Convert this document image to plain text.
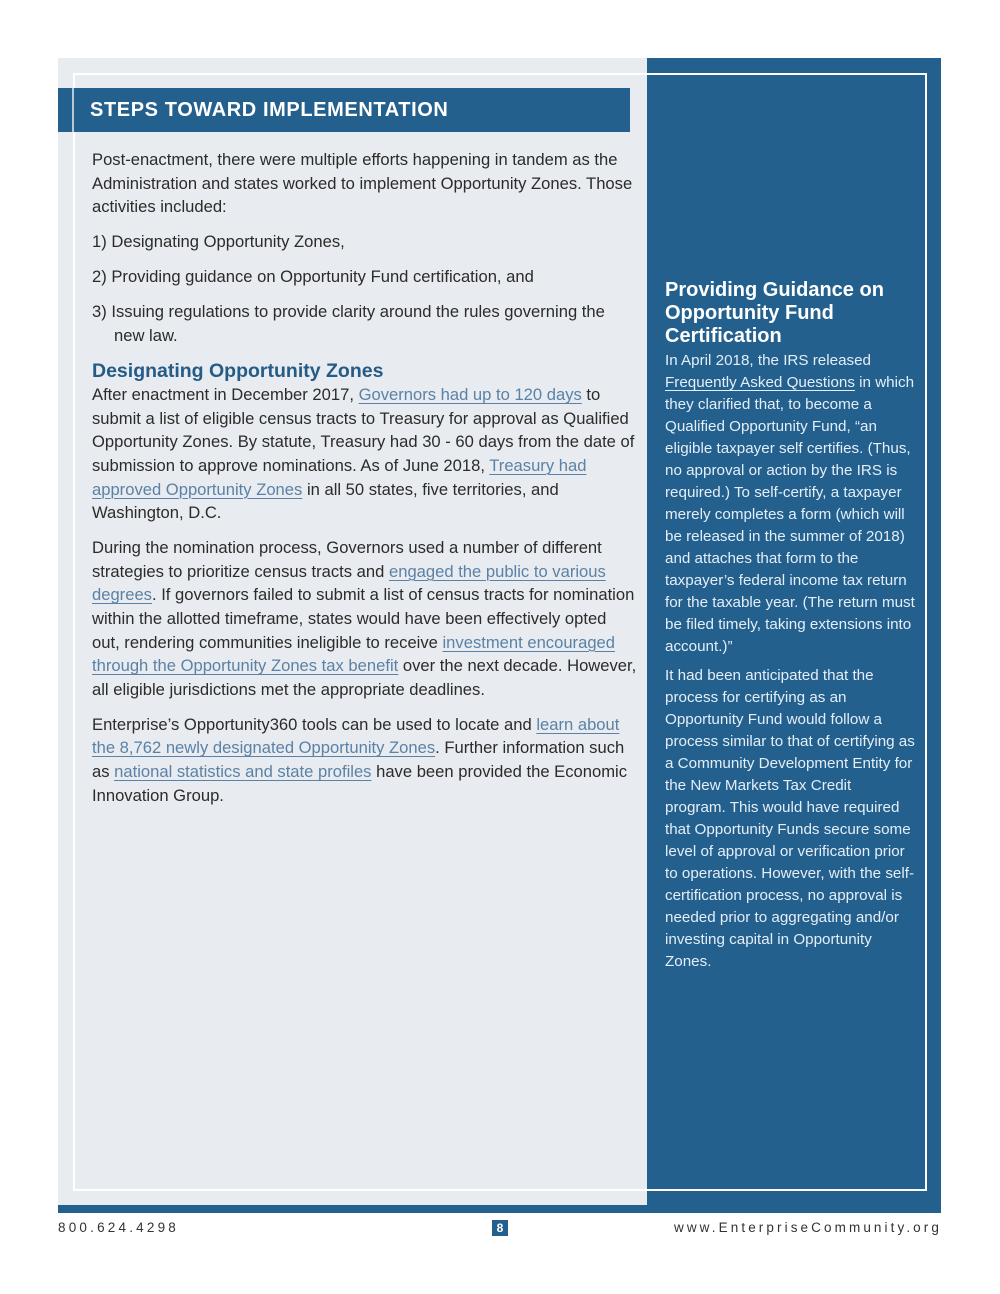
STEPS TOWARD IMPLEMENTATION

Post-enactment, there were multiple efforts happening in tandem as the Administration and states worked to implement Opportunity Zones. Those activities included:

1) Designating Opportunity Zones,
2) Providing guidance on Opportunity Fund certification, and
3) Issuing regulations to provide clarity around the rules governing the new law.
Designating Opportunity Zones

After enactment in December 2017, Governors had up to 120 days to submit a list of eligible census tracts to Treasury for approval as Qualified Opportunity Zones. By statute, Treasury had 30 - 60 days from the date of submission to approve nominations. As of June 2018, Treasury had approved Opportunity Zones in all 50 states, five territories, and Washington, D.C.

During the nomination process, Governors used a number of different strategies to prioritize census tracts and engaged the public to various degrees. If governors failed to submit a list of census tracts for nomination within the allotted timeframe, states would have been effectively opted out, rendering communities ineligible to receive investment encouraged through the Opportunity Zones tax benefit over the next decade. However, all eligible jurisdictions met the appropriate deadlines.

Enterprise’s Opportunity360 tools can be used to locate and learn about the 8,762 newly designated Opportunity Zones. Further information such as national statistics and state profiles have been provided the Economic Innovation Group.

Providing Guidance on Opportunity Fund Certification

In April 2018, the IRS released Frequently Asked Questions in which they clarified that, to become a Qualified Opportunity Fund, “an eligible taxpayer self certifies. (Thus, no approval or action by the IRS is required.) To self-certify, a taxpayer merely completes a form (which will be released in the summer of 2018) and attaches that form to the taxpayer’s federal income tax return for the taxable year. (The return must be filed timely, taking extensions into account.)”

It had been anticipated that the process for certifying as an Opportunity Fund would follow a process similar to that of certifying as a Community Development Entity for the New Markets Tax Credit program. This would have required that Opportunity Funds secure some level of approval or verification prior to operations. However, with the self-certification process, no approval is needed prior to aggregating and/or investing capital in Opportunity Zones.

800.624.4298	8	www.EnterpriseCommunity.org
